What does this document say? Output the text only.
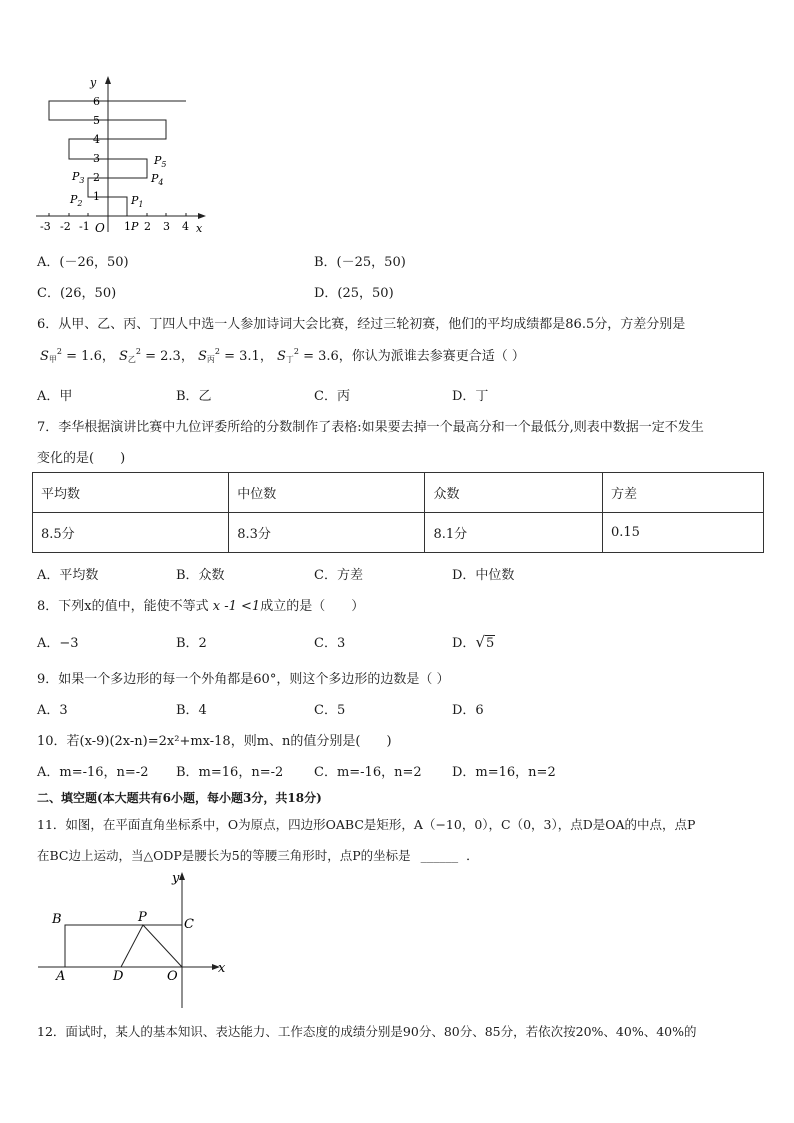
y
x
1
2
3
4
5
6
-3 -2 -1 O 1 2 3 4
P
$P_1$
$P_2$
$P_3$	$P_4$
$P_5$
A．(－26，50)	B．(－25，50)
C．(26，50)	D．(25，50)
6．从甲、乙、丙、丁四人中选一人参加诗词大会比赛，经过三轮初赛，他们的平均成绩都是86.5分，方差分别是
$S_甲^2 = 1.6$， $S_乙^2 = 2.3$， $S_丙^2 = 3.1$， $S_丁^2 = 3.6$，你认为派谁去参赛更合适（ ）
A．甲	B．乙	C．丙	D．丁
7．李华根据演讲比赛中九位评委所给的分数制作了表格:如果要去掉一个最高分和一个最低分,则表中数据一定不发生
变化的是(　　)
平均数	中位数	众数	方差
8.5分	8.3分	8.1分	0.15
A．平均数	B．众数	C．方差	D．中位数
8．下列x的值中，能使不等式 x -1 <1成立的是（　　）
A．−3	B．2	C．3	D．√5
9．如果一个多边形的每一个外角都是60°，则这个多边形的边数是（ ）
A．3	B．4	C．5	D．6
10．若(x-9)(2x-n)=2x²+mx-18，则m、n的值分别是(　　)
A．m=-16，n=-2 B．m=16，n=-2 C．m=-16，n=2 D．m=16，n=2
二、填空题(本大题共有6小题，每小题3分，共18分)
11．如图，在平面直角坐标系中，O为原点，四边形OABC是矩形，A（−10，0），C（0，3），点D是OA的中点，点P
在BC边上运动，当△ODP是腰长为5的等腰三角形时，点P的坐标是 ______ ．
y
B	P	C
A	D	O
x
12．面试时，某人的基本知识、表达能力、工作态度的成绩分别是90分、80分、85分，若依次按20%、40%、40%的
